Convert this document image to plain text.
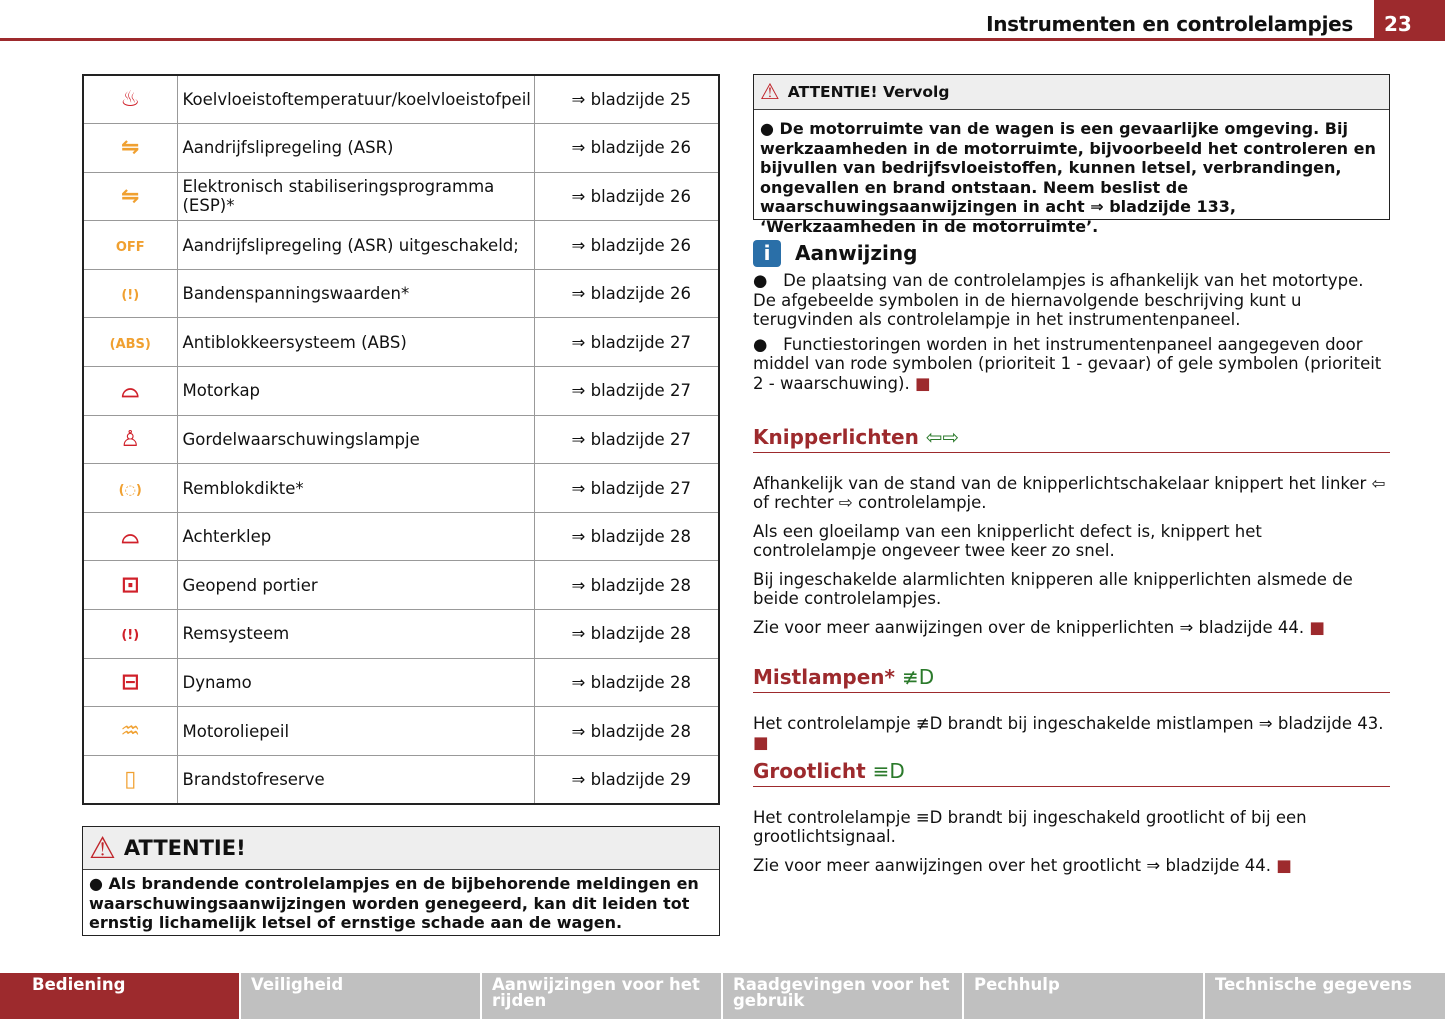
Instrumenten en controlelampjes	23
♨	Koelvloeistoftemperatuur/koelvloeistofpeil	⇒ bladzijde 25
⇋	Aandrijfslipregeling (ASR)	⇒ bladzijde 26
⇋	Elektronisch stabiliseringsprogramma (ESP)*	⇒ bladzijde 26
OFF	Aandrijfslipregeling (ASR) uitgeschakeld;	⇒ bladzijde 26
(!)	Bandenspanningswaarden*	⇒ bladzijde 26
(ABS)	Antiblokkeersysteem (ABS)	⇒ bladzijde 27
⌓	Motorkap	⇒ bladzijde 27
♙	Gordelwaarschuwingslampje	⇒ bladzijde 27
(◌)	Remblokdikte*	⇒ bladzijde 27
⌓	Achterklep	⇒ bladzijde 28
⊡	Geopend portier	⇒ bladzijde 28
(!)	Remsysteem	⇒ bladzijde 28
⊟	Dynamo	⇒ bladzijde 28
♒	Motoroliepeil	⇒ bladzijde 28
▯	Brandstofreserve	⇒ bladzijde 29
⚠ ATTENTIE!
● Als brandende controlelampjes en de bijbehorende meldingen en waarschuwingsaanwijzingen worden genegeerd, kan dit leiden tot ernstig lichamelijk letsel of ernstige schade aan de wagen.
⚠ ATTENTIE! Vervolg
● De motorruimte van de wagen is een gevaarlijke omgeving. Bij werkzaamheden in de motorruimte, bijvoorbeeld het controleren en bijvullen van bedrijfsvloeistoffen, kunnen letsel, verbrandingen, ongevallen en brand ontstaan. Neem beslist de waarschuwingsaanwijzingen in acht ⇒ bladzijde 133, ‘Werkzaamheden in de motorruimte’.
i	Aanwijzing

●   De plaatsing van de controlelampjes is afhankelijk van het motortype. De afgebeelde symbolen in de hiernavolgende beschrijving kunt u terugvinden als controlelampje in het instrumentenpaneel.

●   Functiestoringen worden in het instrumentenpaneel aangegeven door middel van rode symbolen (prioriteit 1 - gevaar) of gele symbolen (prioriteit 2 - waarschuwing). ■

Knipperlichten ⇦⇨

Afhankelijk van de stand van de knipperlichtschakelaar knippert het linker ⇦ of rechter ⇨ controlelampje.

Als een gloeilamp van een knipperlicht defect is, knippert het controlelampje ongeveer twee keer zo snel.

Bij ingeschakelde alarmlichten knipperen alle knipperlichten alsmede de beide controlelampjes.

Zie voor meer aanwijzingen over de knipperlichten ⇒ bladzijde 44. ■

Mistlampen* ≢D

Het controlelampje ≢D brandt bij ingeschakelde mistlampen ⇒ bladzijde 43. ■

Grootlicht ≡D

Het controlelampje ≡D brandt bij ingeschakeld grootlicht of bij een grootlichtsignaal.

Zie voor meer aanwijzingen over het grootlicht ⇒ bladzijde 44. ■

Bediening	Veiligheid	Aanwijzingen voor het rijden
Raadgevingen voor het gebruik
Pechhulp	Technische gegevens
